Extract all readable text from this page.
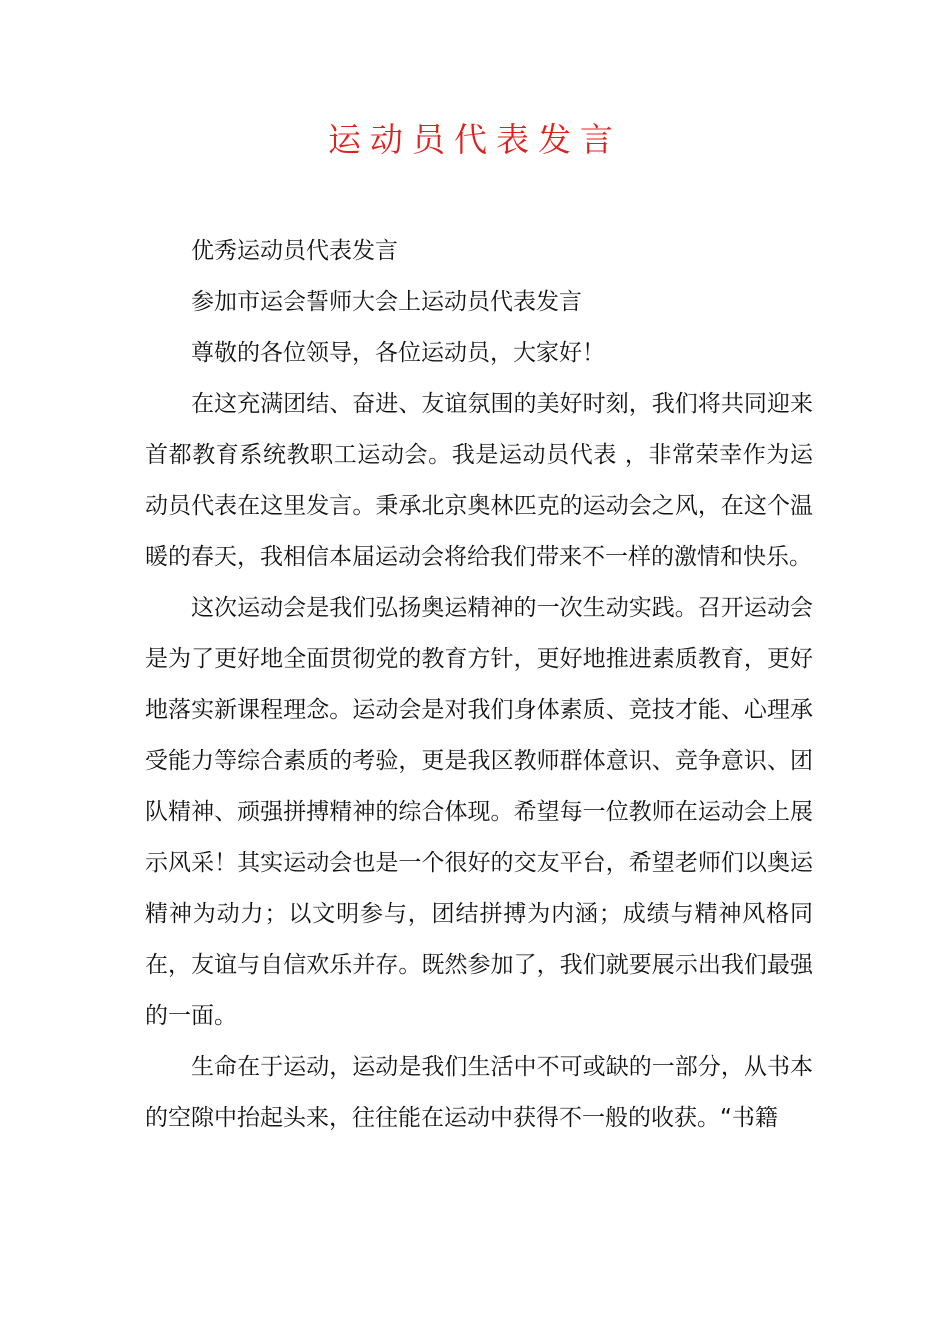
运动员代表发言

优秀运动员代表发言

参加市运会誓师大会上运动员代表发言

尊敬的各位领导，各位运动员，大家好！

在这充满团结、奋进、友谊氛围的美好时刻，我们将共同迎来首都教育系统教职工运动会。我是运动员代表 ，非常荣幸作为运动员代表在这里发言。秉承北京奥林匹克的运动会之风，在这个温暖的春天，我相信本届运动会将给我们带来不一样的激情和快乐。

这次运动会是我们弘扬奥运精神的一次生动实践。召开运动会是为了更好地全面贯彻党的教育方针，更好地推进素质教育，更好地落实新课程理念。运动会是对我们身体素质、竞技才能、心理承受能力等综合素质的考验，更是我区教师群体意识、竞争意识、团队精神、顽强拼搏精神的综合体现。希望每一位教师在运动会上展示风采！其实运动会也是一个很好的交友平台，希望老师们以奥运精神为动力；以文明参与，团结拼搏为内涵；成绩与精神风格同在，友谊与自信欢乐并存。既然参加了，我们就要展示出我们最强的一面。

生命在于运动，运动是我们生活中不可或缺的一部分，从书本的空隙中抬起头来，往往能在运动中获得不一般的收获。“书籍
